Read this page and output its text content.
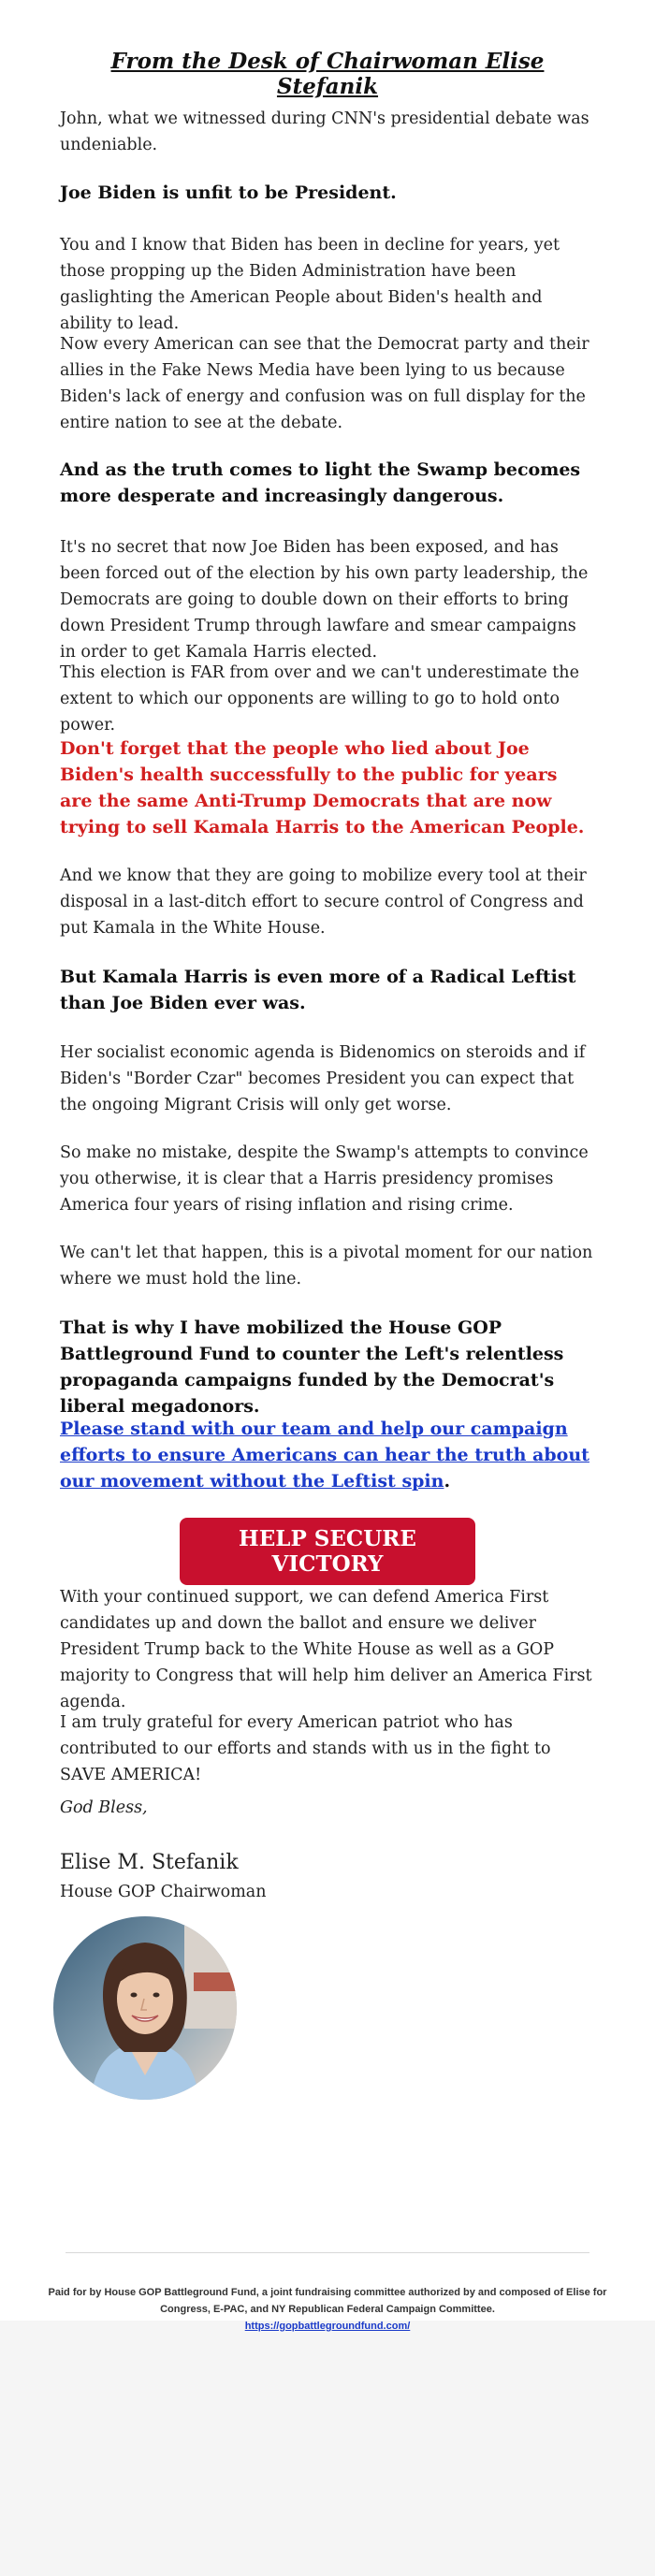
From the Desk of Chairwoman Elise Stefanik

John, what we witnessed during CNN's presidential debate was undeniable.

Joe Biden is unfit to be President.

You and I know that Biden has been in decline for years, yet those propping up the Biden Administration have been gaslighting the American People about Biden's health and ability to lead.

Now every American can see that the Democrat party and their allies in the Fake News Media have been lying to us because Biden's lack of energy and confusion was on full display for the entire nation to see at the debate.

And as the truth comes to light the Swamp becomes more desperate and increasingly dangerous.

It's no secret that now Joe Biden has been exposed, and has been forced out of the election by his own party leadership, the Democrats are going to double down on their efforts to bring down President Trump through lawfare and smear campaigns in order to get Kamala Harris elected.

This election is FAR from over and we can't underestimate the extent to which our opponents are willing to go to hold onto power.

Don't forget that the people who lied about Joe Biden's health successfully to the public for years are the same Anti-Trump Democrats that are now trying to sell Kamala Harris to the American People.

And we know that they are going to mobilize every tool at their disposal in a last-ditch effort to secure control of Congress and put Kamala in the White House.

But Kamala Harris is even more of a Radical Leftist than Joe Biden ever was.

Her socialist economic agenda is Bidenomics on steroids and if Biden's "Border Czar" becomes President you can expect that the ongoing Migrant Crisis will only get worse.

So make no mistake, despite the Swamp's attempts to convince you otherwise, it is clear that a Harris presidency promises America four years of rising inflation and rising crime.

We can't let that happen, this is a pivotal moment for our nation where we must hold the line.

That is why I have mobilized the House GOP Battleground Fund to counter the Left's relentless propaganda campaigns funded by the Democrat's liberal megadonors.

Please stand with our team and help our campaign efforts to ensure Americans can hear the truth about our movement without the Leftist spin.

HELP SECURE VICTORY

With your continued support, we can defend America First candidates up and down the ballot and ensure we deliver President Trump back to the White House as well as a GOP majority to Congress that will help him deliver an America First agenda.

I am truly grateful for every American patriot who has contributed to our efforts and stands with us in the fight to SAVE AMERICA!

God Bless,

Elise M. Stefanik

House GOP Chairwoman

Paid for by House GOP Battleground Fund, a joint fundraising committee authorized by and composed of Elise for Congress, E-PAC, and NY Republican Federal Campaign Committee.
https://gopbattlegroundfund.com/
